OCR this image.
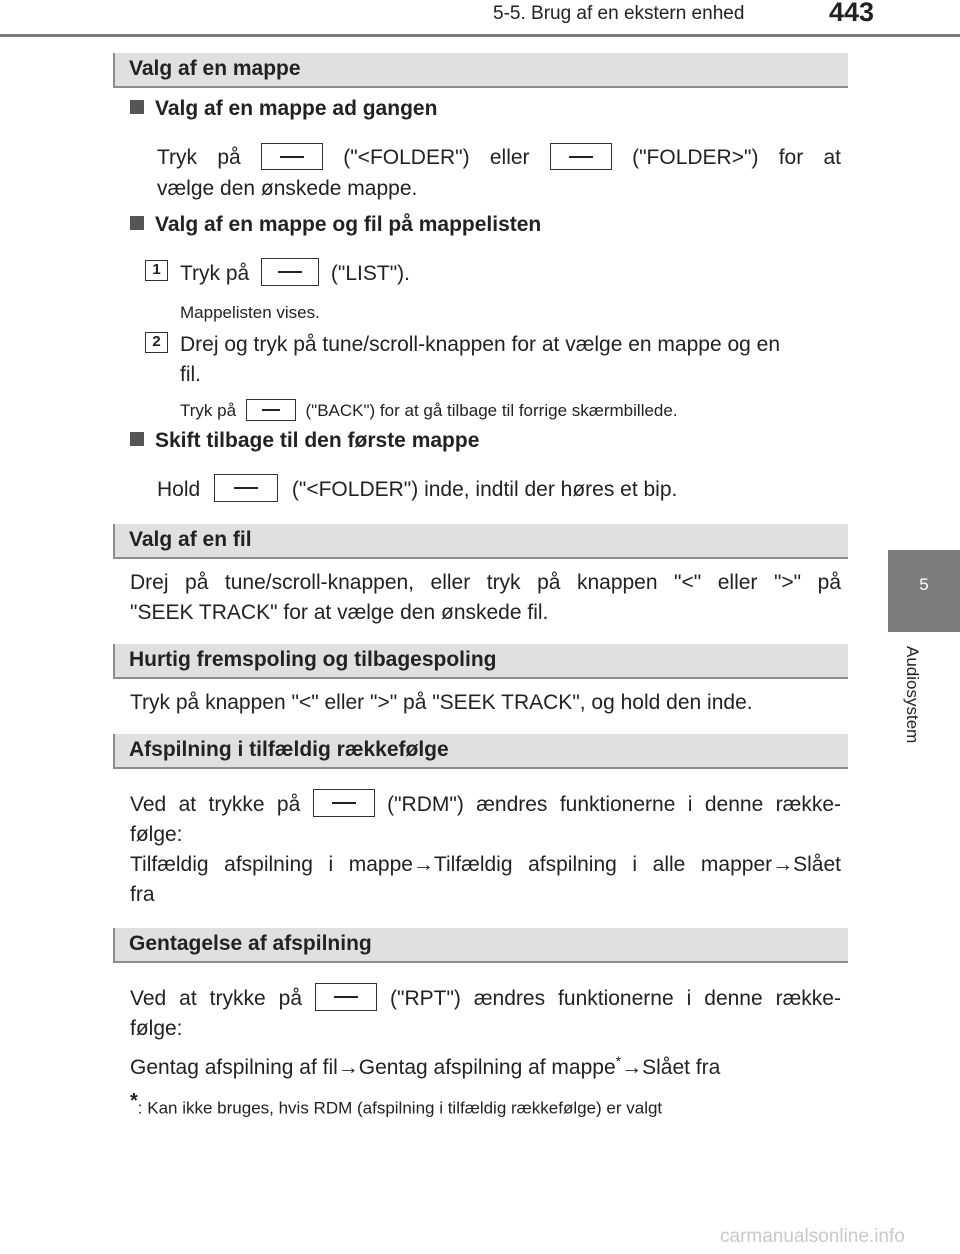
5-5. Brug af en ekstern enhed	443
5
Audiosystem
Valg af en mappe
Valg af en mappe ad gangen
Tryk på	("<FOLDER") eller	("FOLDER>") for at
vælge den ønskede mappe.
Valg af en mappe og fil på mappelisten
1 Tryk på	("LIST").
Mappelisten vises.
2 Drej og tryk på tune/scroll-knappen for at vælge en mappe og en
fil.
Tryk på	("BACK") for at gå tilbage til forrige skærmbillede.
Skift tilbage til den første mappe
Hold	("<FOLDER") inde, indtil der høres et bip.
Valg af en fil
Drej på tune/scroll-knappen, eller tryk på knappen "<" eller ">" på
"SEEK TRACK" for at vælge den ønskede fil.
Hurtig fremspoling og tilbagespoling
Tryk på knappen "<" eller ">" på "SEEK TRACK", og hold den inde.
Afspilning i tilfældig rækkefølge
Ved at trykke på	("RDM") ændres funktionerne i denne række-
følge:
Tilfældig afspilning i mappe→Tilfældig afspilning i alle mapper→Slået
fra
Gentagelse af afspilning
Ved at trykke på	("RPT") ændres funktionerne i denne række-
følge:
Gentag afspilning af fil→Gentag afspilning af mappe*→Slået fra
*: Kan ikke bruges, hvis RDM (afspilning i tilfældig rækkefølge) er valgt
carmanualsonline.info
